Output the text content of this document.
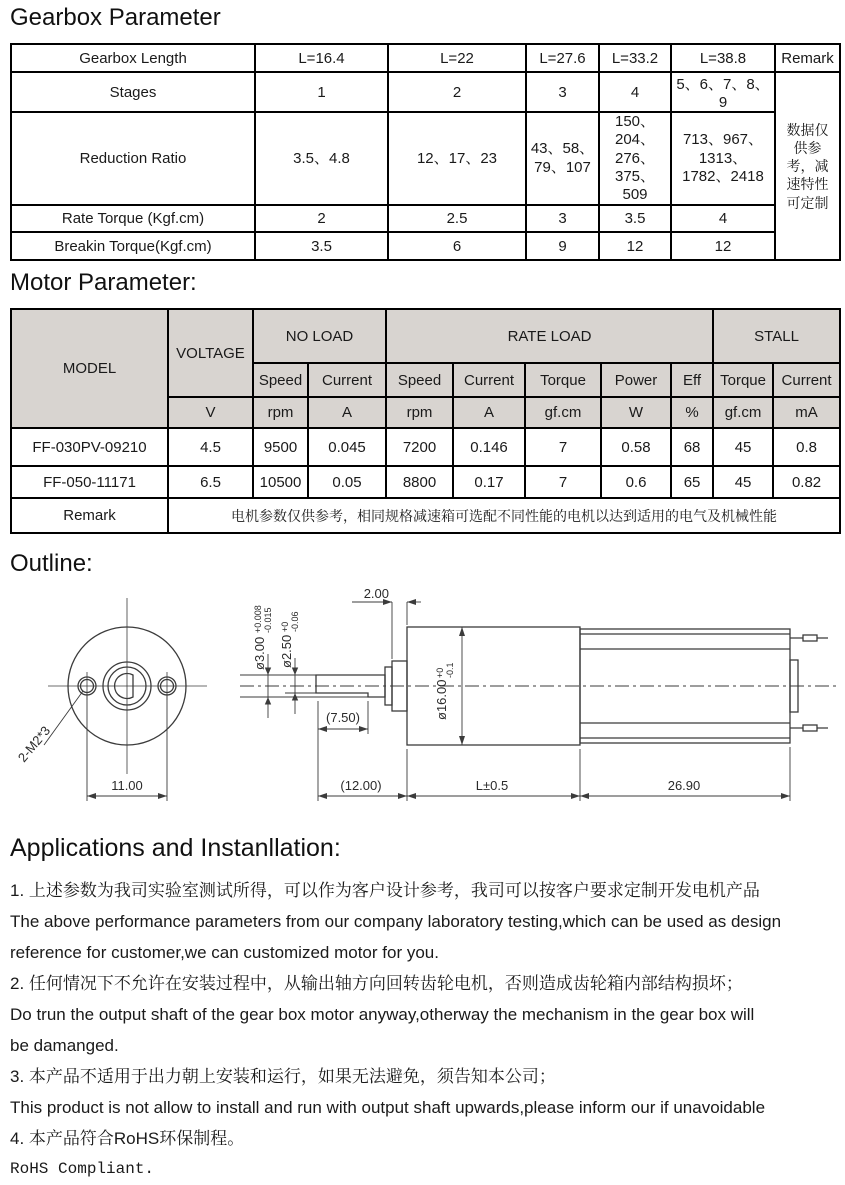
Gearbox Parameter
Gearbox Length	L=16.4	L=22	L=27.6	L=33.2	L=38.8	Remark
Stages	1	2	3	4	5、6、7、8、9	数据仅供参考，减速特性可定制
Reduction Ratio	3.5、4.8	12、17、23	43、58、79、107	150、204、276、375、509	713、967、1313、1782、2418	
Rate Torque (Kgf.cm)	2	2.5	3	3.5	4	
Breakin Torque(Kgf.cm)	3.5	6	9	12	12	
Motor Parameter:
MODEL	VOLTAGE	NO LOAD		RATE LOAD					STALL	
		Speed	Current	Speed	Current	Torque	Power	Eff	Torque	Current
	V	rpm	A	rpm	A	gf.cm	W	%	gf.cm	mA
FF-030PV-09210	4.5	9500	0.045	7200	0.146	7	0.58	68	45	0.8
FF-050-11171	6.5	10500	0.05	8800	0.17	7	0.6	65	45	0.82
Remark	电机参数仅供参考，相同规格减速箱可选配不同性能的电机以达到适用的电气及机械性能									
Outline:
2-M2*3
11.00
ø3.00
+0.008 -0.015
ø2.50
+0 -0.06
2.00
ø16.00
+0 -0.1
(7.50)
(12.00)	L±0.5	26.90
Applications and Instanllation:
1. 上述参数为我司实验室测试所得，可以作为客户设计参考，我司可以按客户要求定制开发电机产品
The above performance parameters from our company laboratory testing,which can be used as design
reference for customer,we can customized motor for you.
2. 任何情况下不允许在安装过程中，从输出轴方向回转齿轮电机，否则造成齿轮箱内部结构损坏；
Do trun the output shaft of the gear box motor anyway,otherway the mechanism in the gear box will
be damanged.
3. 本产品不适用于出力朝上安装和运行，如果无法避免，须告知本公司；
This product is not allow to install and run with output shaft upwards,please inform our if unavoidable
4. 本产品符合RoHS环保制程。
RoHS Compliant.
